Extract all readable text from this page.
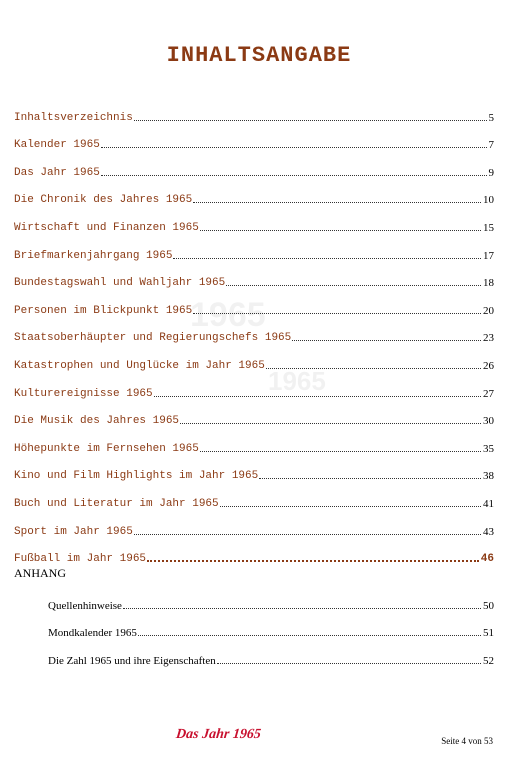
1965
1965
INHALTSANGABE
Inhaltsverzeichnis	5
Kalender 1965	7
Das Jahr 1965	9
Die Chronik des Jahres 1965	10
Wirtschaft und Finanzen 1965	15
Briefmarkenjahrgang 1965	17
Bundestagswahl und Wahljahr 1965	18
Personen im Blickpunkt 1965	20
Staatsoberhäupter und Regierungschefs 1965	23
Katastrophen und Unglücke im Jahr 1965	26
Kulturereignisse 1965	27
Die Musik des Jahres 1965	30
Höhepunkte im Fernsehen 1965	35
Kino und Film Highlights im Jahr 1965	38
Buch und Literatur im Jahr 1965	41
Sport im Jahr 1965	43
Fußball im Jahr 1965	46
ANHANG
Quellenhinweise	50
Mondkalender 1965	51
Die Zahl 1965 und ihre Eigenschaften	52
Das Jahr 1965	Seite 4 von 53
